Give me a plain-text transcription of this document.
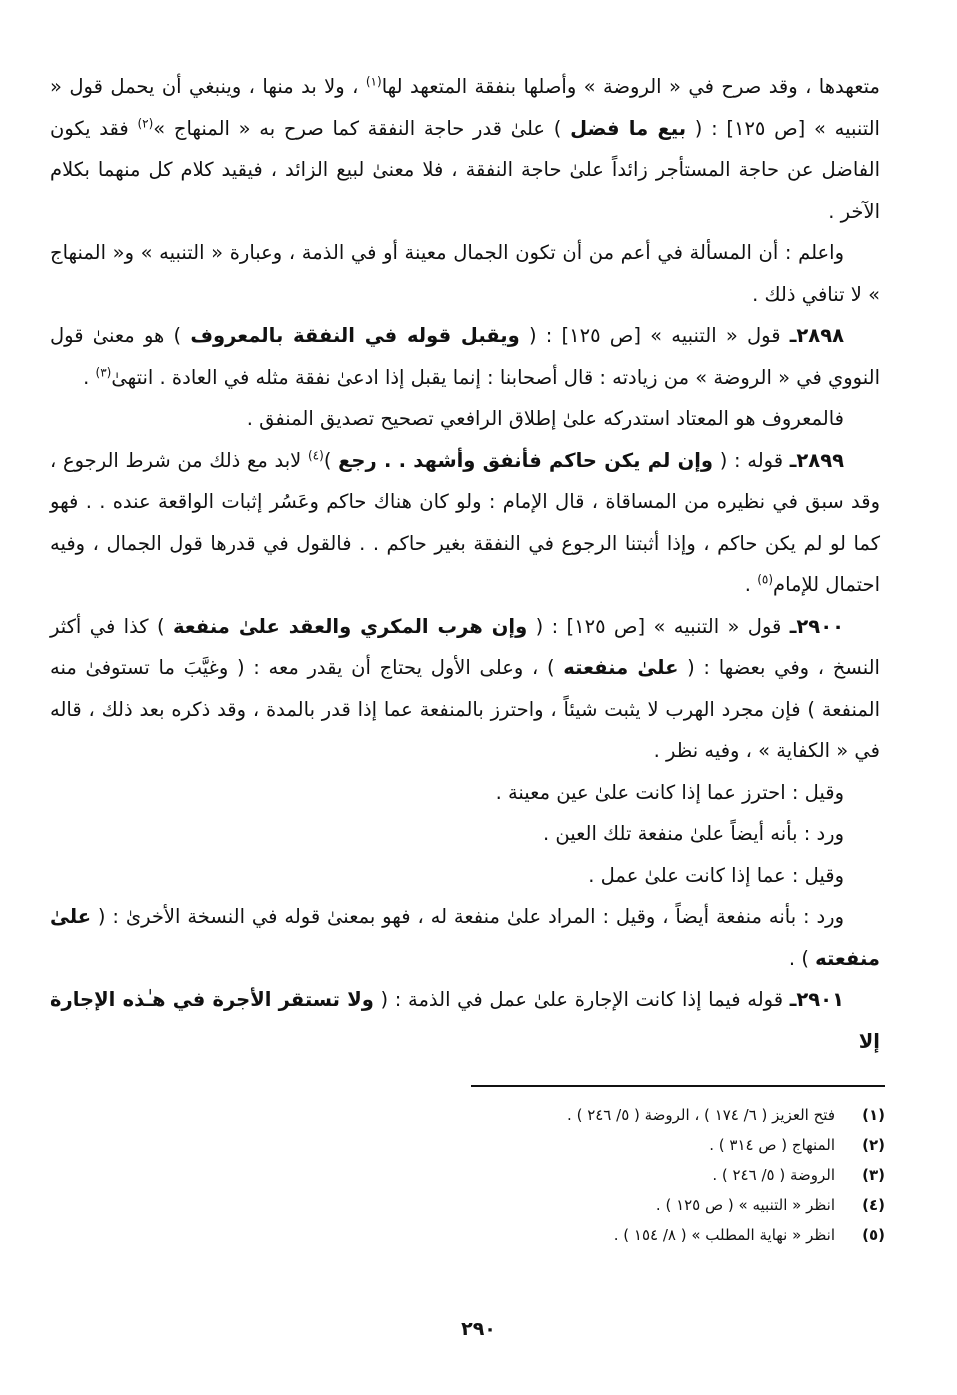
متعهدها ، وقد صرح في « الروضة » وأصلها بنفقة المتعهد لها$^{(١)}$ ، ولا بد منها ، وينبغي أن يحمل قول « التنبيه » [ص ١٢٥] : ( بيع ما فضل ) علىٰ قدر حاجة النفقة كما صرح به « المنهاج »$^{(٢)}$ فقد يكون الفاضل عن حاجة المستأجر زائداً علىٰ حاجة النفقة ، فلا معنىٰ لبيع الزائد ، فيقيد كلام كل منهما بكلام الآخر .

واعلم : أن المسألة في أعم من أن تكون الجمال معينة أو في الذمة ، وعبارة « التنبيه » و« المنهاج » لا تنافي ذلك .

٢٨٩٨ـ قول « التنبيه » [ص ١٢٥] : ( ويقبل قوله في النفقة بالمعروف ) هو معنىٰ قول النووي في « الروضة » من زيادته : قال أصحابنا : إنما يقبل إذا ادعىٰ نفقة مثله في العادة . انتهىٰ$^{(٣)}$ .

فالمعروف هو المعتاد استدركه علىٰ إطلاق الرافعي تصحيح تصديق المنفق .

٢٨٩٩ـ قوله : ( وإن لم يكن حاكم فأنفق وأشهد . . رجع )$^{(٤)}$ لابد مع ذلك من شرط الرجوع ، وقد سبق في نظيره من المساقاة ، قال الإمام : ولو كان هناك حاكم وعَسُر إثبات الواقعة عنده . . فهو كما لو لم يكن حاكم ، وإذا أثبتنا الرجوع في النفقة بغير حاكم . . فالقول في قدرها قول الجمال ، وفيه احتمال للإمام$^{(٥)}$ .

٢٩٠٠ـ قول « التنبيه » [ص ١٢٥] : ( وإن هرب المكري والعقد علىٰ منفعة ) كذا في أكثر النسخ ، وفي بعضها : ( علىٰ منفعته ) ، وعلى الأول يحتاج أن يقدر معه : ( وغيَّبَ ما تستوفىٰ منه المنفعة ) فإن مجرد الهرب لا يثبت شيئاً ، واحترز بالمنفعة عما إذا قدر بالمدة ، وقد ذكره بعد ذلك ، قاله في « الكفاية » ، وفيه نظر .

وقيل : احترز عما إذا كانت علىٰ عين معينة .

ورد : بأنه أيضاً علىٰ منفعة تلك العين .

وقيل : عما إذا كانت علىٰ عمل .

ورد : بأنه منفعة أيضاً ، وقيل : المراد علىٰ منفعة له ، فهو بمعنىٰ قوله في النسخة الأخرىٰ : ( علىٰ منفعته ) .

٢٩٠١ـ قوله فيما إذا كانت الإجارة علىٰ عمل في الذمة : ( ولا تستقر الأجرة في هـٰذه الإجارة إلا

(١)
فتح العزيز ( ٦/ ١٧٤ ) ، الروضة ( ٥/ ٢٤٦ ) .
(٢)
المنهاج ( ص ٣١٤ ) .
(٣)
الروضة ( ٥/ ٢٤٦ ) .
(٤)
انظر « التنبيه » ( ص ١٢٥ ) .
(٥)
انظر « نهاية المطلب » ( ٨/ ١٥٤ ) .
٢٩٠
